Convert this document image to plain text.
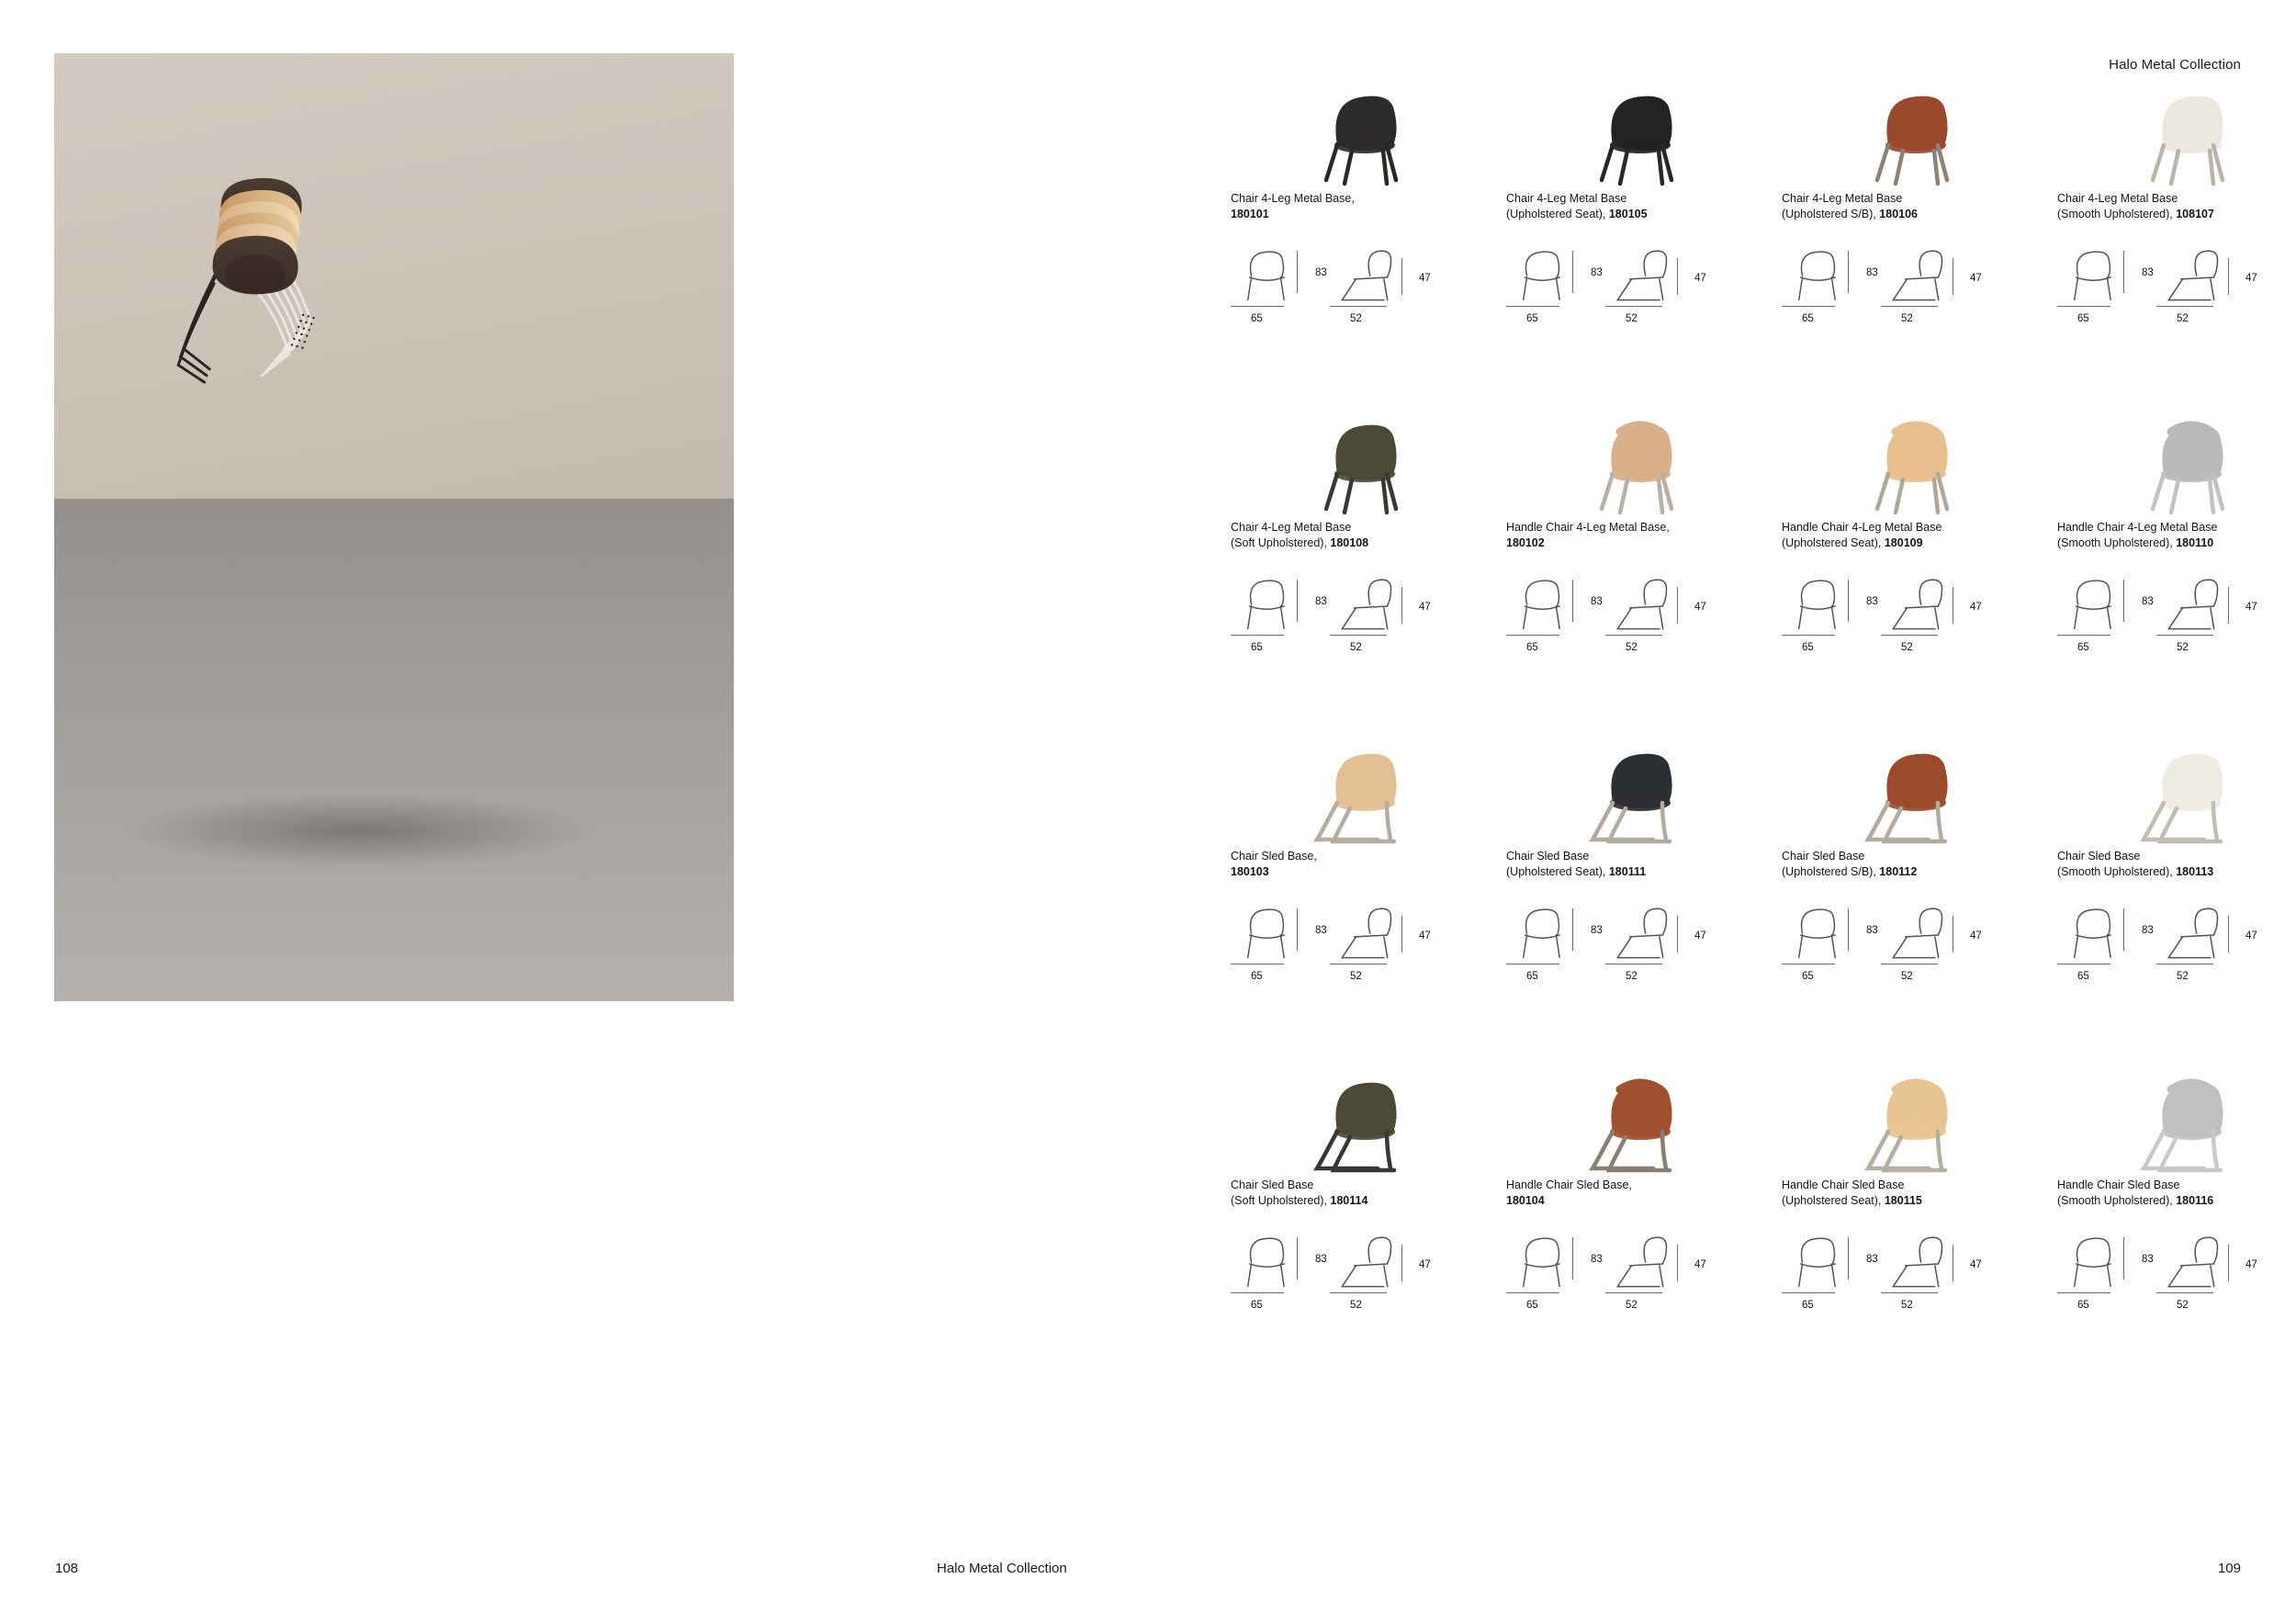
108	Halo Metal Collection
Halo Metal Collection
Chair 4-Leg Metal Base,
180101
83	47
65	52
Chair 4-Leg Metal Base
(Upholstered Seat), 180105
83	47
65	52
Chair 4-Leg Metal Base
(Upholstered S/B), 180106
83	47
65	52
Chair 4-Leg Metal Base
(Smooth Upholstered), 108107
83	47
65	52
Chair 4-Leg Metal Base
(Soft Upholstered), 180108
83	47
65	52
Handle Chair 4-Leg Metal Base,
180102
83	47
65	52
Handle Chair 4-Leg Metal Base
(Upholstered Seat), 180109
83	47
65	52
Handle Chair 4-Leg Metal Base
(Smooth Upholstered), 180110
83	47
65	52
Chair Sled Base,
180103
83	47
65	52
Chair Sled Base
(Upholstered Seat), 180111
83	47
65	52
Chair Sled Base
(Upholstered S/B), 180112
83	47
65	52
Chair Sled Base
(Smooth Upholstered), 180113
83	47
65	52
Chair Sled Base
(Soft Upholstered), 180114
83	47
65	52
Handle Chair Sled Base,
180104
83	47
65	52
Handle Chair Sled Base
(Upholstered Seat), 180115
83	47
65	52
Handle Chair Sled Base
(Smooth Upholstered), 180116
83	47
65	52
109
